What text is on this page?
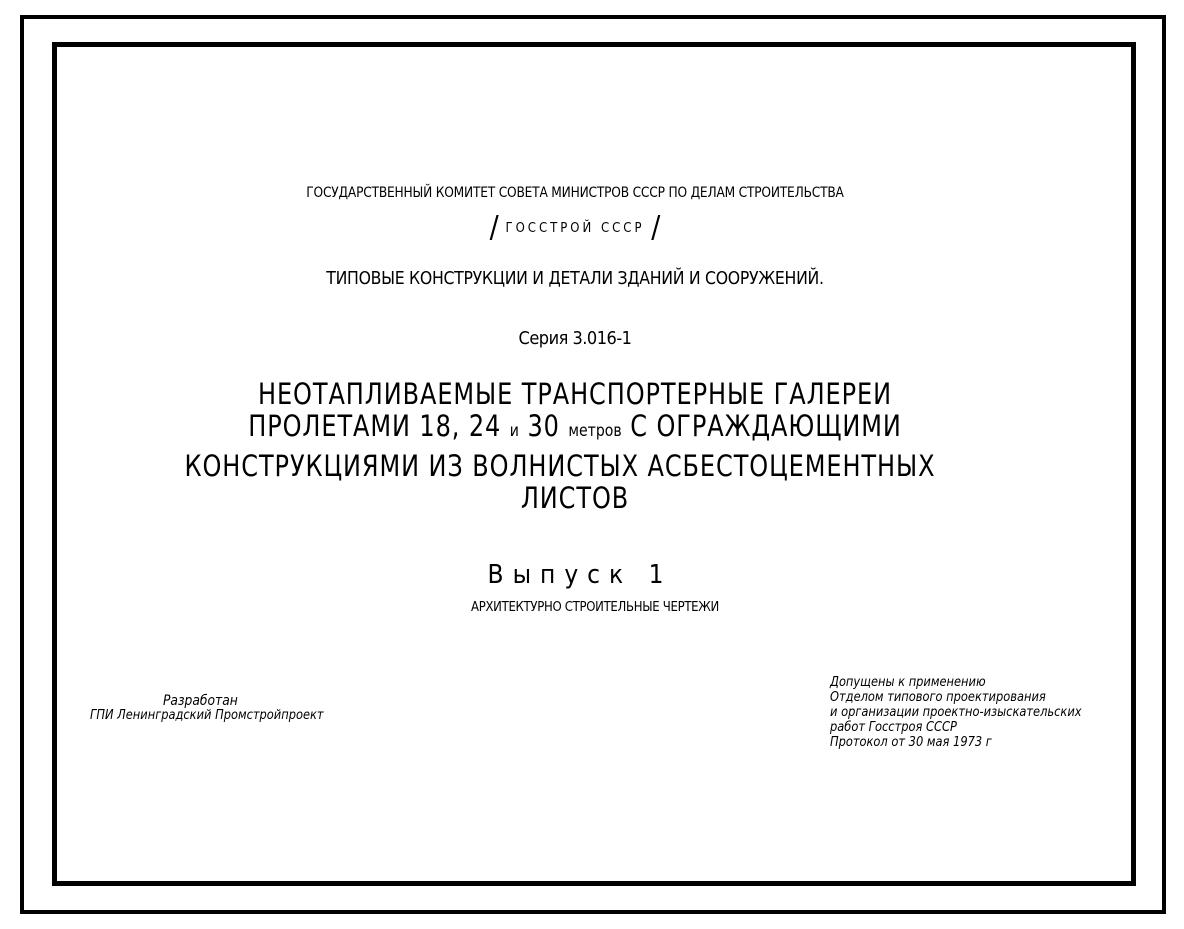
ГОСУДАРСТВЕННЫЙ КОМИТЕТ СОВЕТА МИНИСТРОВ СССР ПО ДЕЛАМ СТРОИТЕЛЬСТВА
/ ГОССТРОЙ СССР /
ТИПОВЫЕ КОНСТРУКЦИИ И ДЕТАЛИ ЗДАНИЙ И СООРУЖЕНИЙ.
Серия 3.016-1
НЕОТАПЛИВАЕМЫЕ ТРАНСПОРТЕРНЫЕ ГАЛЕРЕИ
ПРОЛЕТАМИ 18, 24 и 30 метров С ОГРАЖДАЮЩИМИ
КОНСТРУКЦИЯМИ ИЗ ВОЛНИСТЫХ АСБЕСТОЦЕМЕНТНЫХ
ЛИСТОВ
Выпуск 1
АРХИТЕКТУРНО СТРОИТЕЛЬНЫЕ ЧЕРТЕЖИ
Разработан
ГПИ Ленинградский Промстройпроект
Допущены к применению
Отделом типового проектирования
и организации проектно-изыскательских
работ Госстроя СССР
Протокол от 30 мая 1973 г
